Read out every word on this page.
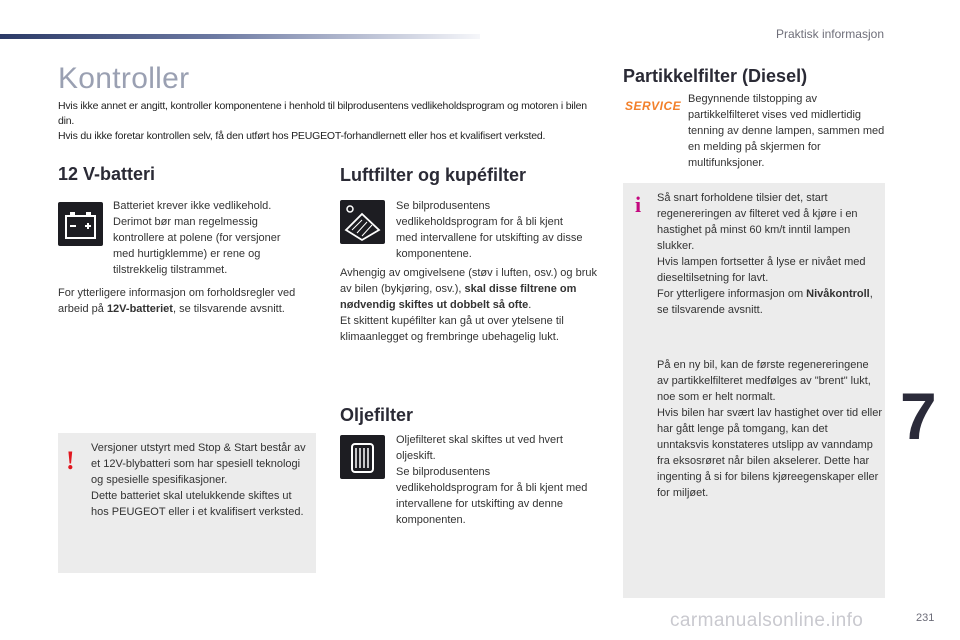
Praktisk informasjon
Kontroller

Hvis ikke annet er angitt, kontroller komponentene i henhold til bilprodusentens vedlikeholdsprogram og motoren i bilen din.

Hvis du ikke foretar kontrollen selv, få den utført hos PEUGEOT-forhandlernett eller hos et kvalifisert verksted.

12 V-batteri
Batteriet krever ikke vedlikehold. Derimot bør man regelmessig kontrollere at polene (for versjoner med hurtigklemme) er rene og tilstrekkelig tilstrammet.
For ytterligere informasjon om forholdsregler ved arbeid på 12V-batteriet, se tilsvarende avsnitt.
! Versjoner utstyrt med Stop & Start består av et 12V-blybatteri som har spesiell teknologi og spesielle spesifikasjoner.
Dette batteriet skal utelukkende skiftes ut hos PEUGEOT eller i et kvalifisert verksted.
Luftfilter og kupéfilter
Se bilprodusentens vedlikeholdsprogram for å bli kjent med intervallene for utskifting av disse komponentene.

Avhengig av omgivelsene (støv i luften, osv.) og bruk av bilen (bykjøring, osv.), skal disse filtrene om nødvendig skiftes ut dobbelt så ofte.

Et skittent kupéfilter kan gå ut over ytelsene til klimaanlegget og frembringe ubehagelig lukt.

Oljefilter
Oljefilteret skal skiftes ut ved hvert oljeskift.
Se bilprodusentens vedlikeholdsprogram for å bli kjent med intervallene for utskifting av denne komponenten.
Partikkelfilter (Diesel)
SERVICE Begynnende tilstopping av partikkelfilteret vises ved midlertidig tenning av denne lampen, sammen med en melding på skjermen for multifunksjoner.
i Så snart forholdene tilsier det, start regenereringen av filteret ved å kjøre i en hastighet på minst 60 km/t inntil lampen slukker.
Hvis lampen fortsetter å lyse er nivået med dieseltilsetning for lavt.
For ytterligere informasjon om Nivåkontroll, se tilsvarende avsnitt.
På en ny bil, kan de første regenereringene av partikkelfilteret medfølges av "brent" lukt, noe som er helt normalt.
Hvis bilen har svært lav hastighet over tid eller har gått lenge på tomgang, kan det unntaksvis konstateres utslipp av vanndamp fra eksosrøret når bilen akselerer. Dette har ingenting å si for bilens kjøreegenskaper eller for miljøet.
7
carmanualsonline.info	231
